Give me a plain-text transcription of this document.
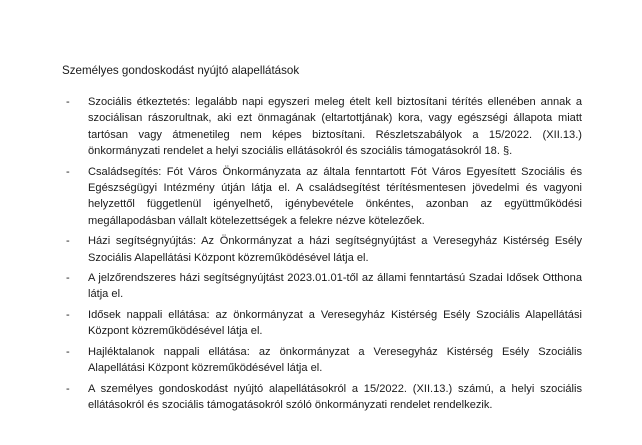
Személyes gondoskodást nyújtó alapellátások
- Szociális étkeztetés: legalább napi egyszeri meleg ételt kell biztosítani térítés ellenében annak a szociálisan rászorultnak, aki ezt önmagának (eltartottjának) kora, vagy egészségi állapota miatt tartósan vagy átmenetileg nem képes biztosítani. Részletszabályok a 15/2022. (XII.13.) önkormányzati rendelet a helyi szociális ellátásokról és szociális támogatásokról 18. §.
- Családsegítés: Fót Város Önkormányzata az általa fenntartott Fót Város Egyesített Szociális és Egészségügyi Intézmény útján látja el. A családsegítést térítésmentesen jövedelmi és vagyoni helyzettől függetlenül igényelhető, igénybevétele önkéntes, azonban az együttműködési megállapodásban vállalt kötelezettségek a felekre nézve kötelezőek.
- Házi segítségnyújtás: Az Önkormányzat a házi segítségnyújtást a Veresegyház Kistérség Esély Szociális Alapellátási Központ közreműködésével látja el.
- A jelzőrendszeres házi segítségnyújtást 2023.01.01-től az állami fenntartású Szadai Idősek Otthona látja el.
- Idősek nappali ellátása: az önkormányzat a Veresegyház Kistérség Esély Szociális Alapellátási Központ közreműködésével látja el.
- Hajléktalanok nappali ellátása: az önkormányzat a Veresegyház Kistérség Esély Szociális Alapellátási Központ közreműködésével látja el.
- A személyes gondoskodást nyújtó alapellátásokról a 15/2022. (XII.13.) számú, a helyi szociális ellátásokról és szociális támogatásokról szóló önkormányzati rendelet rendelkezik.
